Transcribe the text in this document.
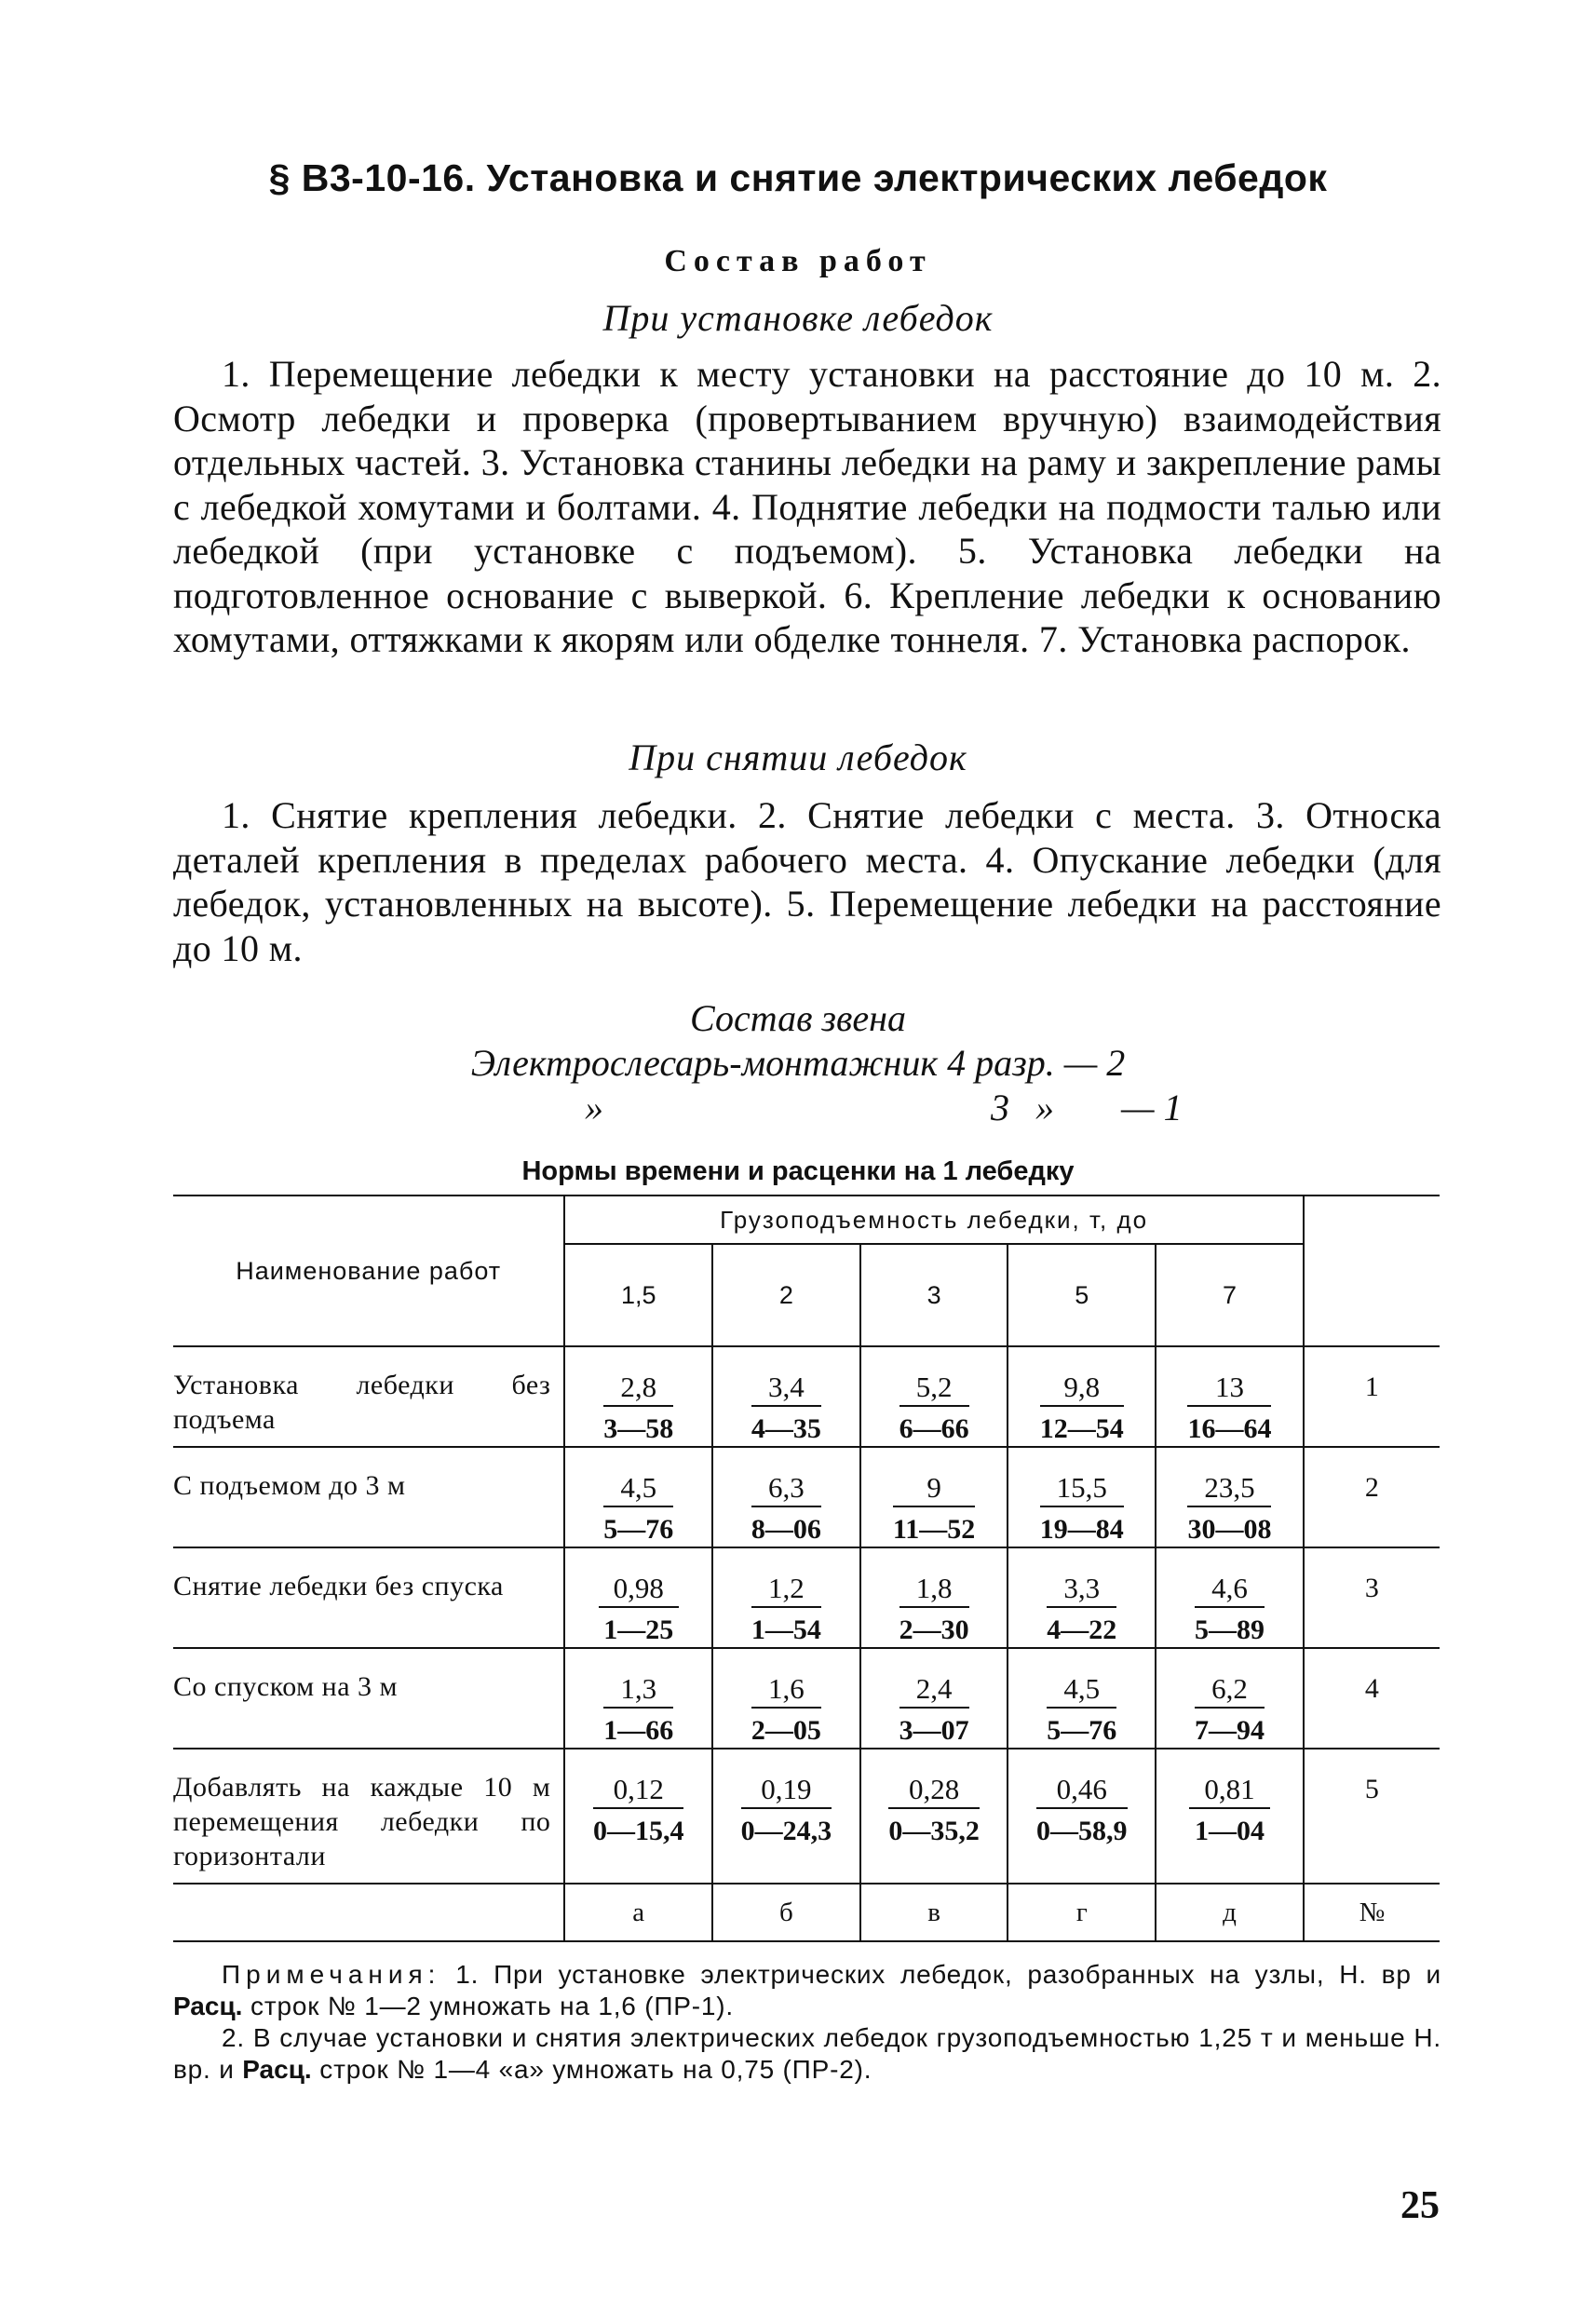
§ В3-10-16. Установка и снятие электрических лебедок
Состав работ
При установке лебедок
1. Перемещение лебедки к месту установки на расстояние до 10 м. 2. Осмотр лебедки и проверка (провертыванием вручную) взаимодействия отдельных частей. 3. Установка станины лебедки на раму и закрепление рамы с лебедкой хомутами и болтами. 4. Поднятие лебедки на подмости талью или лебедкой (при установке с подъемом). 5. Установка лебедки на подготовленное основание с выверкой. 6. Крепление лебедки к основанию хомутами, оттяжками к якорям или обделке тоннеля. 7. Установка распорок.
При снятии лебедок
1. Снятие крепления лебедки. 2. Снятие лебедки с места. 3. Относка деталей крепления в пределах рабочего места. 4. Опускание лебедки (для лебедок, установленных на высоте). 5. Перемещение лебедки на расстояние до 10 м.
Состав звена
Электрослесарь-монтажник 4 разр. — 2
»	3 » — 1
Нормы времени и расценки на 1 лебедку
Наименование работ	Грузоподъемность лебедки, т, до					
	1,5	2	3	5	7	
Установка лебедки без подъема	$\frac{2,8}{3—58}$	$\frac{3,4}{4—35}$	$\frac{5,2}{6—66}$	$\frac{9,8}{12—54}$	$\frac{13}{16—64}$	1
С подъемом до 3 м	$\frac{4,5}{5—76}$	$\frac{6,3}{8—06}$	$\frac{9}{11—52}$	$\frac{15,5}{19—84}$	$\frac{23,5}{30—08}$	2
Снятие лебедки без спуска	$\frac{0,98}{1—25}$	$\frac{1,2}{1—54}$	$\frac{1,8}{2—30}$	$\frac{3,3}{4—22}$	$\frac{4,6}{5—89}$	3
Со спуском на 3 м	$\frac{1,3}{1—66}$	$\frac{1,6}{2—05}$	$\frac{2,4}{3—07}$	$\frac{4,5}{5—76}$	$\frac{6,2}{7—94}$	4
Добавлять на каждые 10 м перемещения лебедки по горизонтали	$\frac{0,12}{0—15,4}$	$\frac{0,19}{0—24,3}$	$\frac{0,28}{0—35,2}$	$\frac{0,46}{0—58,9}$	$\frac{0,81}{1—04}$	5
	а	б	в	г	д	№

Примечания: 1. При установке электрических лебедок, разобранных на узлы, Н. вр и Расц. строк № 1—2 умножать на 1,6 (ПР-1).

2. В случае установки и снятия электрических лебедок грузоподъемностью 1,25 т и меньше Н. вр. и Расц. строк № 1—4 «а» умножать на 0,75 (ПР-2).

25
